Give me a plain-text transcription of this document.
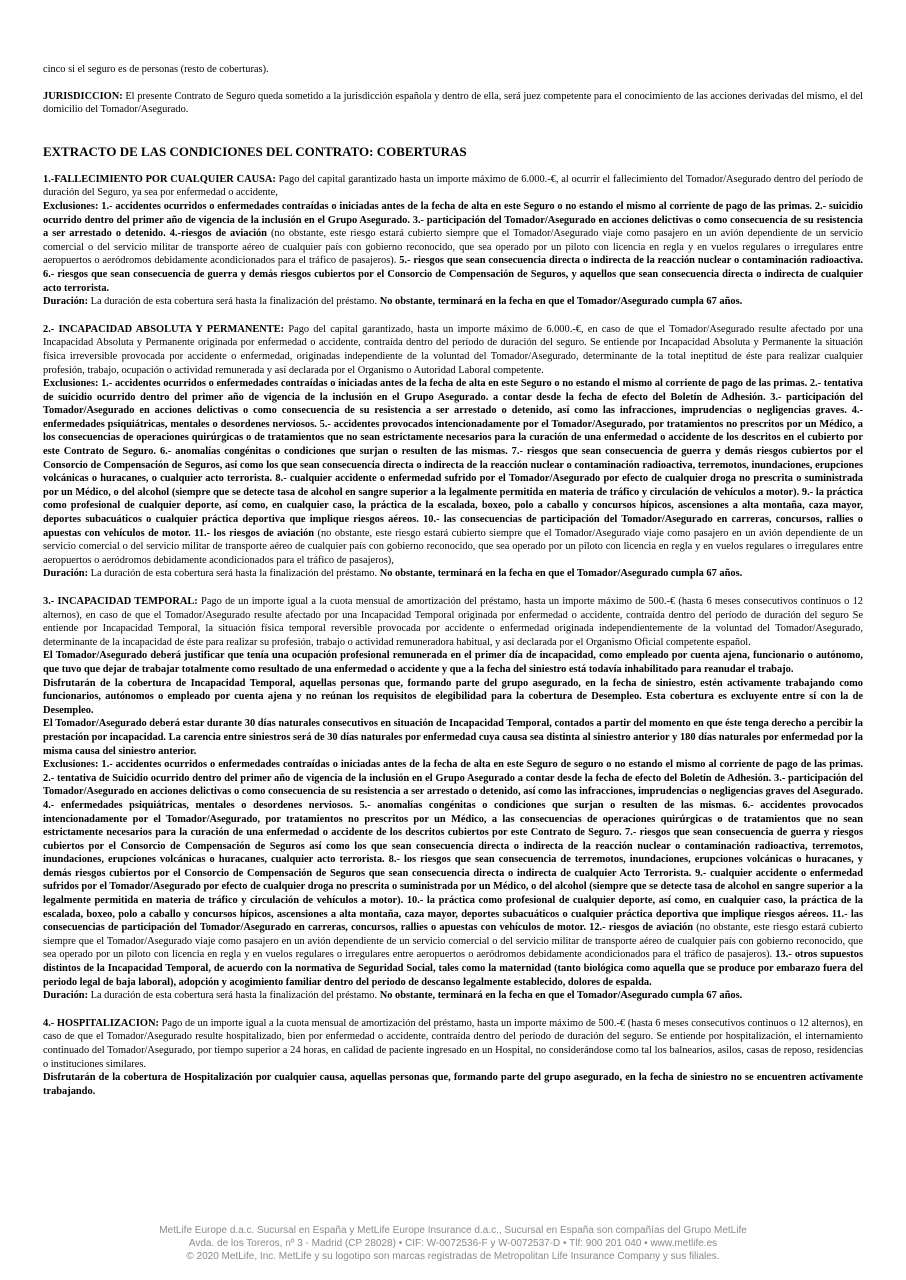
cinco si el seguro es de personas (resto de coberturas).

JURISDICCION: El presente Contrato de Seguro queda sometido a la jurisdicción española y dentro de ella, será juez competente para el conocimiento de las acciones derivadas del mismo, el del domicilio del Tomador/Asegurado.

EXTRACTO DE LAS CONDICIONES DEL CONTRATO: COBERTURAS

1.-FALLECIMIENTO POR CUALQUIER CAUSA: Pago del capital garantizado hasta un importe máximo de 6.000.-€, al ocurrir el fallecimiento del Tomador/Asegurado dentro del período de duración del Seguro, ya sea por enfermedad o accidente,

Exclusiones: 1.- accidentes ocurridos o enfermedades contraídas o iniciadas antes de la fecha de alta en este Seguro o no estando el mismo al corriente de pago de las primas. 2.- suicidio ocurrido dentro del primer año de vigencia de la inclusión en el Grupo Asegurado. 3.- participación del Tomador/Asegurado en acciones delictivas o como consecuencia de su resistencia a ser arrestado o detenido. 4.-riesgos de aviación (no obstante, este riesgo estará cubierto siempre que el Tomador/Asegurado viaje como pasajero en un avión dependiente de un servicio comercial o del servicio militar de transporte aéreo de cualquier país con gobierno reconocido, que sea operado por un piloto con licencia en regla y en vuelos regulares o irregulares entre aeropuertos o aeródromos debidamente acondicionados para el tráfico de pasajeros). 5.- riesgos que sean consecuencia directa o indirecta de la reacción nuclear o contaminación radioactiva. 6.- riesgos que sean consecuencia de guerra y demás riesgos cubiertos por el Consorcio de Compensación de Seguros, y aquellos que sean consecuencia directa o indirecta de cualquier acto terrorista.

Duración: La duración de esta cobertura será hasta la finalización del préstamo. No obstante, terminará en la fecha en que el Tomador/Asegurado cumpla 67 años.

2.- INCAPACIDAD ABSOLUTA Y PERMANENTE: Pago del capital garantizado, hasta un importe máximo de 6.000.-€, en caso de que el Tomador/Asegurado resulte afectado por una Incapacidad Absoluta y Permanente originada por enfermedad o accidente, contraída dentro del período de duración del seguro. Se entiende por Incapacidad Absoluta y Permanente la situación física irreversible provocada por accidente o enfermedad, originadas independiente de la voluntad del Tomador/Asegurado, determinante de la total ineptitud de éste para realizar cualquier profesión, trabajo, ocupación o actividad remunerada y así declarada por el Organismo o Autoridad Laboral competente.

Exclusiones: 1.- accidentes ocurridos o enfermedades contraídas o iniciadas antes de la fecha de alta en este Seguro o no estando el mismo al corriente de pago de las primas. 2.- tentativa de suicidio ocurrido dentro del primer año de vigencia de la inclusión en el Grupo Asegurado. a contar desde la fecha de efecto del Boletín de Adhesión. 3.- participación del Tomador/Asegurado en acciones delictivas o como consecuencia de su resistencia a ser arrestado o detenido, así como las infracciones, imprudencias o negligencias graves. 4.-enfermedades psiquiátricas, mentales o desordenes nerviosos. 5.- accidentes provocados intencionadamente por el Tomador/Asegurado, por tratamientos no prescritos por un Médico, a los consecuencias de operaciones quirúrgicas o de tratamientos que no sean estrictamente necesarios para la curación de una enfermedad o accidente de los descritos en el cubierto por este Contrato de Seguro. 6.- anomalías congénitas o condiciones que surjan o resulten de las mismas. 7.- riesgos que sean consecuencia de guerra y demás riesgos cubiertos por el Consorcio de Compensación de Seguros, así como los que sean consecuencia directa o indirecta de la reacción nuclear o contaminación radioactiva, terremotos, inundaciones, erupciones volcánicas o huracanes, o cualquier acto terrorista. 8.- cualquier accidente o enfermedad sufrido por el Tomador/Asegurado por efecto de cualquier droga no prescrita o suministrada por un Médico, o del alcohol (siempre que se detecte tasa de alcohol en sangre superior a la legalmente permitida en materia de tráfico y circulación de vehículos a motor). 9.- la práctica como profesional de cualquier deporte, así como, en cualquier caso, la práctica de la escalada, boxeo, polo a caballo y concursos hípicos, ascensiones a alta montaña, caza mayor, deportes subacuáticos o cualquier práctica deportiva que implique riesgos aéreos. 10.- las consecuencias de participación del Tomador/Asegurado en carreras, concursos, rallies o apuestas con vehículos de motor. 11.- los riesgos de aviación (no obstante, este riesgo estará cubierto siempre que el Tomador/Asegurado viaje como pasajero en un avión dependiente de un servicio comercial o del servicio militar de transporte aéreo de cualquier país con gobierno reconocido, que sea operado por un piloto con licencia en regla y en vuelos regulares o irregulares entre aeropuertos o aeródromos debidamente acondicionados para el tráfico de pasajeros),

Duración: La duración de esta cobertura será hasta la finalización del préstamo. No obstante, terminará en la fecha en que el Tomador/Asegurado cumpla 67 años.

3.- INCAPACIDAD TEMPORAL: Pago de un importe igual a la cuota mensual de amortización del préstamo, hasta un importe máximo de 500.-€ (hasta 6 meses consecutivos continuos o 12 alternos), en caso de que el Tomador/Asegurado resulte afectado por una Incapacidad Temporal originada por enfermedad o accidente, contraída dentro del período de duración del seguro Se entiende por Incapacidad Temporal, la situación física temporal reversible provocada por accidente o enfermedad originada independientemente de la voluntad del Tomador/Asegurado, determinante de la incapacidad de éste para realizar su profesión, trabajo o actividad remuneradora habitual, y así declarada por el Organismo Oficial competente español.

El Tomador/Asegurado deberá justificar que tenía una ocupación profesional remunerada en el primer día de incapacidad, como empleado por cuenta ajena, funcionario o autónomo, que tuvo que dejar de trabajar totalmente como resultado de una enfermedad o accidente y que a la fecha del siniestro está todavía inhabilitado para reanudar el trabajo.

Disfrutarán de la cobertura de Incapacidad Temporal, aquellas personas que, formando parte del grupo asegurado, en la fecha de siniestro, estén activamente trabajando como funcionarios, autónomos o empleado por cuenta ajena y no reúnan los requisitos de elegibilidad para la cobertura de Desempleo. Esta cobertura es excluyente entre sí con la de Desempleo.

El Tomador/Asegurado deberá estar durante 30 días naturales consecutivos en situación de Incapacidad Temporal, contados a partir del momento en que éste tenga derecho a percibir la prestación por incapacidad. La carencia entre siniestros será de 30 días naturales por enfermedad cuya causa sea distinta al siniestro anterior y 180 días naturales por enfermedad por la misma causa del siniestro anterior.

Exclusiones: 1.- accidentes ocurridos o enfermedades contraídas o iniciadas antes de la fecha de alta en este Seguro de seguro o no estando el mismo al corriente de pago de las primas. 2.- tentativa de Suicidio ocurrido dentro del primer año de vigencia de la inclusión en el Grupo Asegurado a contar desde la fecha de efecto del Boletín de Adhesión. 3.- participación del Tomador/Asegurado en acciones delictivas o como consecuencia de su resistencia a ser arrestado o detenido, así como las infracciones, imprudencias o negligencias graves del Asegurado. 4.- enfermedades psiquiátricas, mentales o desordenes nerviosos. 5.- anomalías congénitas o condiciones que surjan o resulten de las mismas. 6.- accidentes provocados intencionadamente por el Tomador/Asegurado, por tratamientos no prescritos por un Médico, a las consecuencias de operaciones quirúrgicas o de tratamientos que no sean estrictamente necesarios para la curación de una enfermedad o accidente de los descritos cubiertos por este Contrato de Seguro. 7.- riesgos que sean consecuencia de guerra y riesgos cubiertos por el Consorcio de Compensación de Seguros así como los que sean consecuencia directa o indirecta de la reacción nuclear o contaminación radioactiva, terremotos, inundaciones, erupciones volcánicas o huracanes, cualquier acto terrorista. 8.- los riesgos que sean consecuencia de terremotos, inundaciones, erupciones volcánicas o huracanes, y demás riesgos cubiertos por el Consorcio de Compensación de Seguros que sean consecuencia directa o indirecta de cualquier Acto Terrorista. 9.- cualquier accidente o enfermedad sufridos por el Tomador/Asegurado por efecto de cualquier droga no prescrita o suministrada por un Médico, o del alcohol (siempre que se detecte tasa de alcohol en sangre superior a la legalmente permitida en materia de tráfico y circulación de vehículos a motor). 10.- la práctica como profesional de cualquier deporte, así como, en cualquier caso, la práctica de la escalada, boxeo, polo a caballo y concursos hípicos, ascensiones a alta montaña, caza mayor, deportes subacuáticos o cualquier práctica deportiva que implique riesgos aéreos. 11.- las consecuencias de participación del Tomador/Asegurado en carreras, concursos, rallies o apuestas con vehículos de motor. 12.- riesgos de aviación (no obstante, este riesgo estará cubierto siempre que el Tomador/Asegurado viaje como pasajero en un avión dependiente de un servicio comercial o del servicio militar de transporte aéreo de cualquier país con gobierno reconocido, que sea operado por un piloto con licencia en regla y en vuelos regulares o irregulares entre aeropuertos o aeródromos debidamente acondicionados para el tráfico de pasajeros). 13.- otros supuestos distintos de la Incapacidad Temporal, de acuerdo con la normativa de Seguridad Social, tales como la maternidad (tanto biológica como aquella que se produce por embarazo fuera del periodo legal de baja laboral), adopción y acogimiento familiar dentro del periodo de descanso legalmente establecido, dolores de espalda.

Duración: La duración de esta cobertura será hasta la finalización del préstamo. No obstante, terminará en la fecha en que el Tomador/Asegurado cumpla 67 años.

4.- HOSPITALIZACION: Pago de un importe igual a la cuota mensual de amortización del préstamo, hasta un importe máximo de 500.-€ (hasta 6 meses consecutivos continuos o 12 alternos), en caso de que el Tomador/Asegurado resulte hospitalizado, bien por enfermedad o accidente, contraída dentro del período de duración del seguro. Se entiende por hospitalización, el internamiento continuado del Tomador/Asegurado, por tiempo superior a 24 horas, en calidad de paciente ingresado en un Hospital, no considerándose como tal los balnearios, asilos, casas de reposo, residencias o instituciones similares.

Disfrutarán de la cobertura de Hospitalización por cualquier causa, aquellas personas que, formando parte del grupo asegurado, en la fecha de siniestro no se encuentren activamente trabajando.

MetLife Europe d.a.c. Sucursal en España y MetLife Europe Insurance d.a.c., Sucursal en España son compañías del Grupo MetLife
Avda. de los Toreros, nº 3 - Madrid (CP 28028) • CIF: W-0072536-F y W-0072537-D • Tlf: 900 201 040 • www.metlife.es
© 2020 MetLife, Inc. MetLife y su logotipo son marcas registradas de Metropolitan Life Insurance Company y sus filiales.
